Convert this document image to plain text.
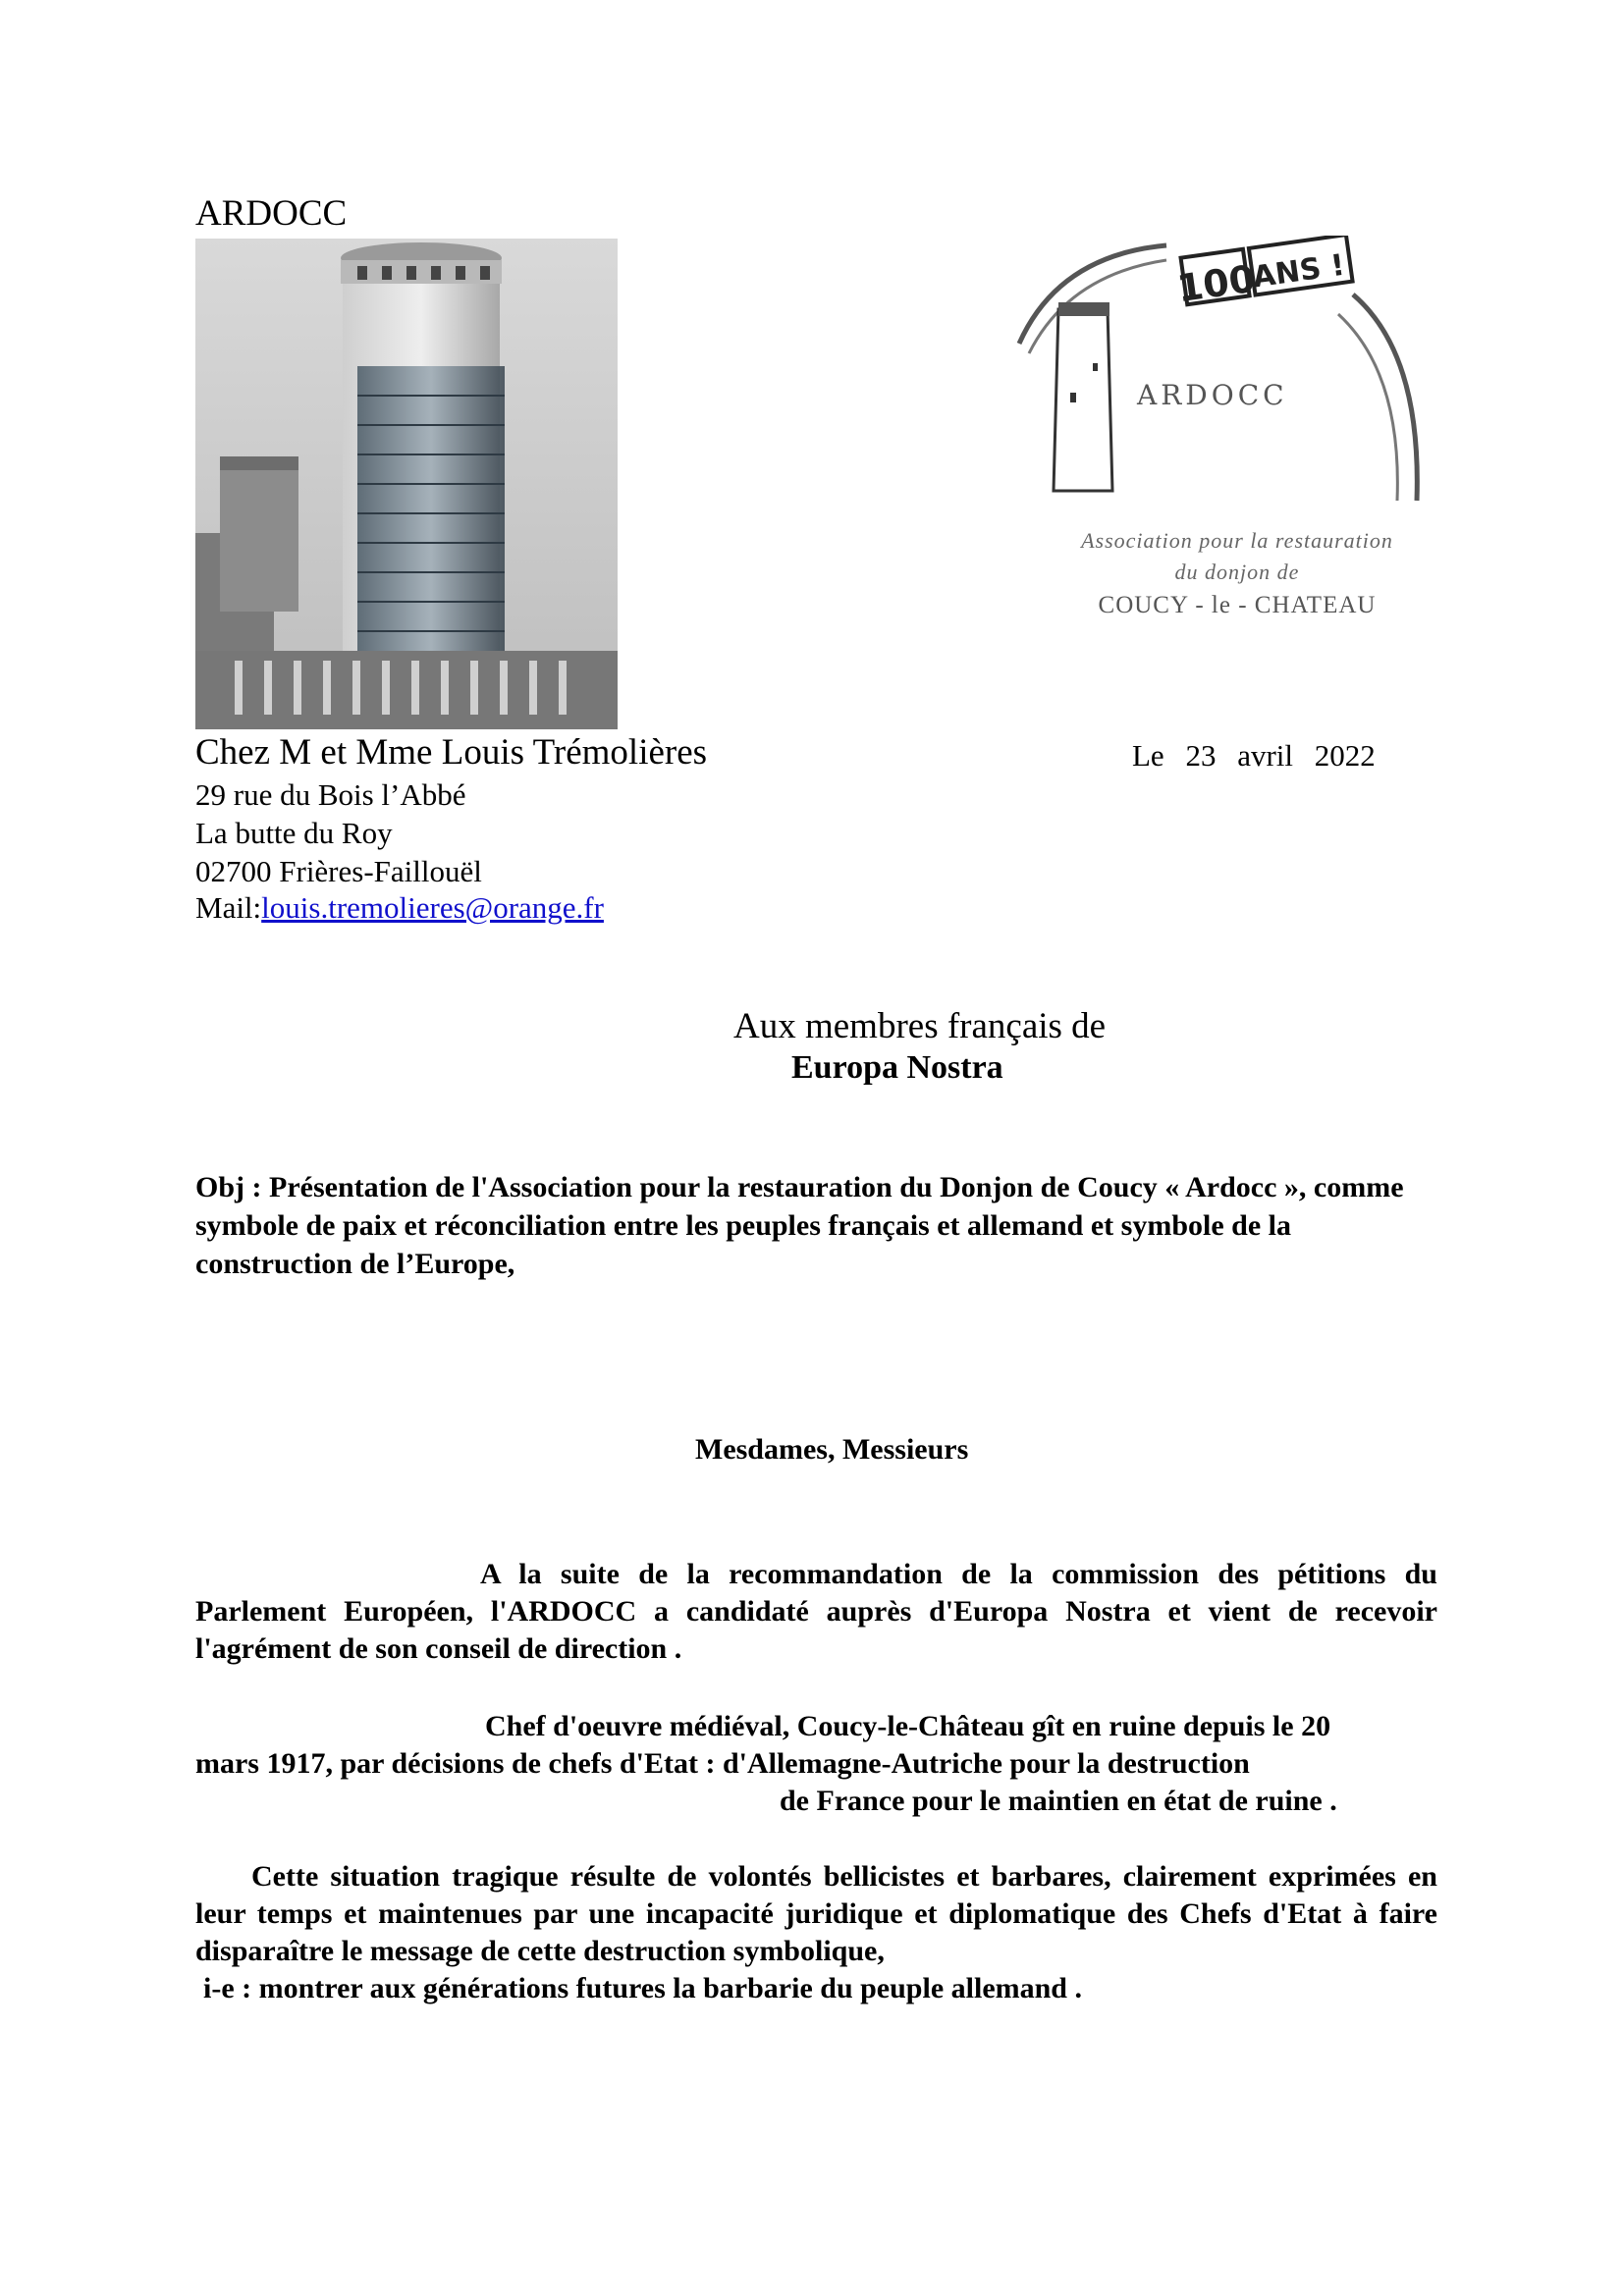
ARDOCC
100
ANS !
ARDOCC
Association pour la restauration
du donjon de
COUCY - le - CHATEAU
Chez M et Mme Louis Trémolières
29 rue du Bois l’Abbé
La butte du Roy
02700 Frières-Faillouël
Mail:louis.tremolieres@orange.fr
Le 23 avril 2022
Aux membres français de
Europa Nostra
Obj : Présentation de l'Association pour la restauration du Donjon de Coucy « Ardocc », comme symbole de paix et réconciliation entre les peuples français et allemand et symbole de la construction de l’Europe,
Mesdames, Messieurs
A la suite de la recommandation de la commission des pétitions du Parlement Européen, l'ARDOCC a candidaté auprès d'Europa Nostra et vient de recevoir l'agrément de son conseil de direction .
Chef d'oeuvre médiéval, Coucy-le-Château gît en ruine depuis le 20
mars 1917, par décisions de chefs d'Etat : d'Allemagne-Autriche pour la destruction
de France pour le maintien en état de ruine .
Cette situation tragique résulte de volontés bellicistes et barbares, clairement exprimées en leur temps et maintenues par une incapacité juridique et diplomatique des Chefs d'Etat à faire disparaître le message de cette destruction symbolique,
i-e : montrer aux générations futures la barbarie du peuple allemand .
